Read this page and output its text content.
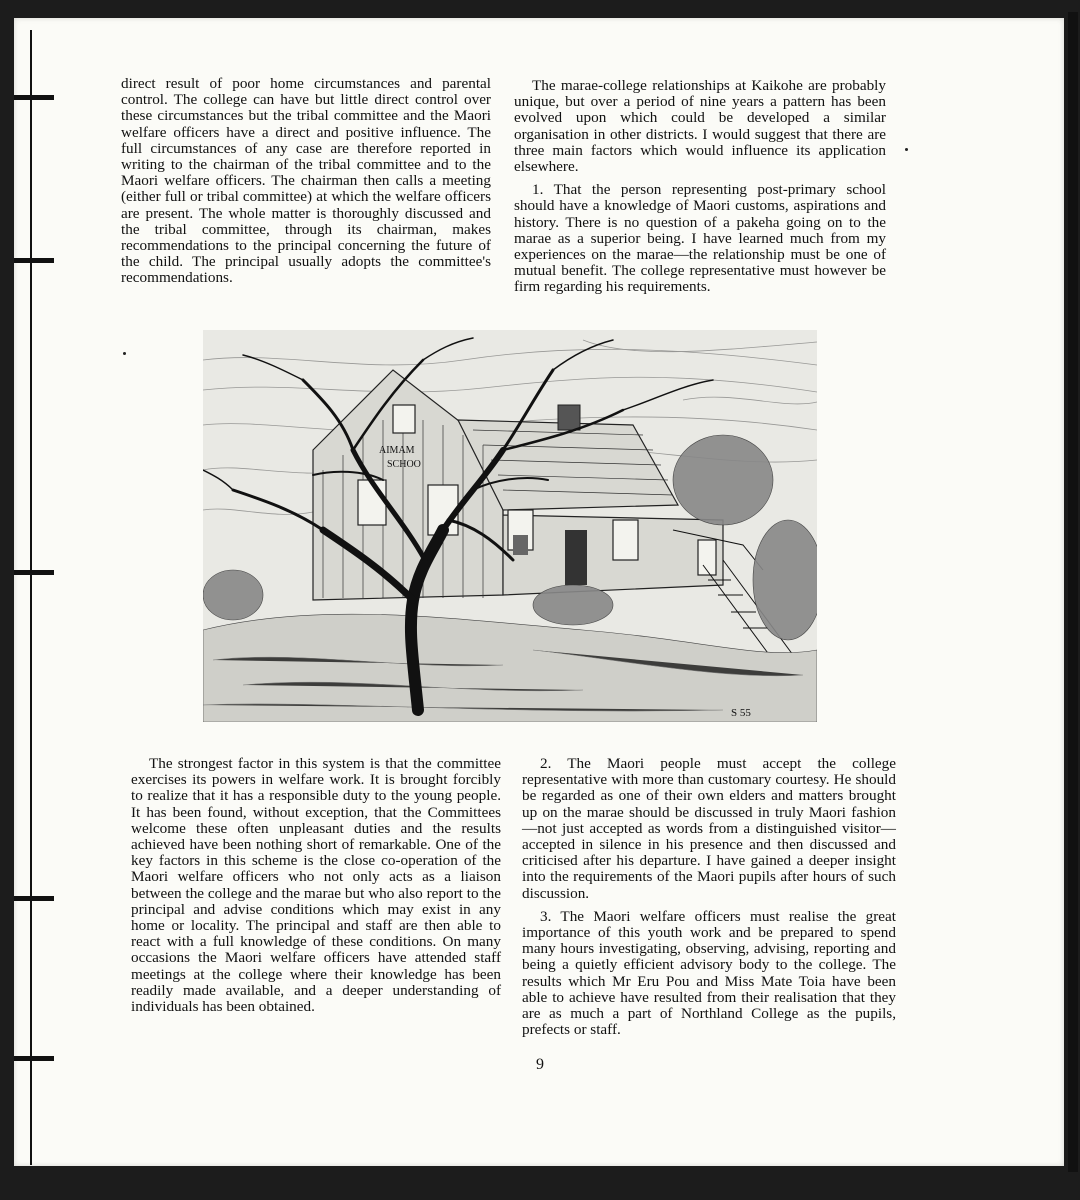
direct result of poor home circumstances and parental control. The college can have but little direct control over these circumstances but the tribal committee and the Maori welfare officers have a direct and positive influence. The full circumstances of any case are therefore reported in writing to the chairman of the tribal committee and to the Maori welfare officers. The chairman then calls a meeting (either full or tribal committee) at which the welfare officers are present. The whole matter is thoroughly discussed and the tribal committee, through its chairman, makes recommendations to the principal concerning the future of the child. The principal usually adopts the committee's recommendations.

The marae-college relationships at Kaikohe are probably unique, but over a period of nine years a pattern has been evolved upon which could be developed a similar organisation in other districts. I would suggest that there are three main factors which would influence its application elsewhere.

1. That the person representing post-primary school should have a knowledge of Maori customs, aspirations and history. There is no question of a pakeha going on to the marae as a superior being. I have learned much from my experiences on the marae—the relationship must be one of mutual benefit. The college representative must however be firm regarding his requirements.

AIMAM
SCHOO
S 55

The strongest factor in this system is that the committee exercises its powers in welfare work. It is brought forcibly to realize that it has a responsible duty to the young people. It has been found, without exception, that the Committees welcome these often unpleasant duties and the results achieved have been nothing short of remarkable. One of the key factors in this scheme is the close co-operation of the Maori welfare officers who not only acts as a liaison between the college and the marae but who also report to the principal and advise conditions which may exist in any home or locality. The principal and staff are then able to react with a full knowledge of these conditions. On many occasions the Maori welfare officers have attended staff meetings at the college where their knowledge has been readily made available, and a deeper understanding of individuals has been obtained.

2. The Maori people must accept the college representative with more than customary courtesy. He should be regarded as one of their own elders and matters brought up on the marae should be discussed in truly Maori fashion—not just accepted as words from a distinguished visitor—accepted in silence in his presence and then discussed and criticised after his departure. I have gained a deeper insight into the requirements of the Maori pupils after hours of such discussion.

3. The Maori welfare officers must realise the great importance of this youth work and be prepared to spend many hours investigating, observing, advising, reporting and being a quietly efficient advisory body to the college. The results which Mr Eru Pou and Miss Mate Toia have been able to achieve have resulted from their realisation that they are as much a part of Northland College as the pupils, prefects or staff.

9
